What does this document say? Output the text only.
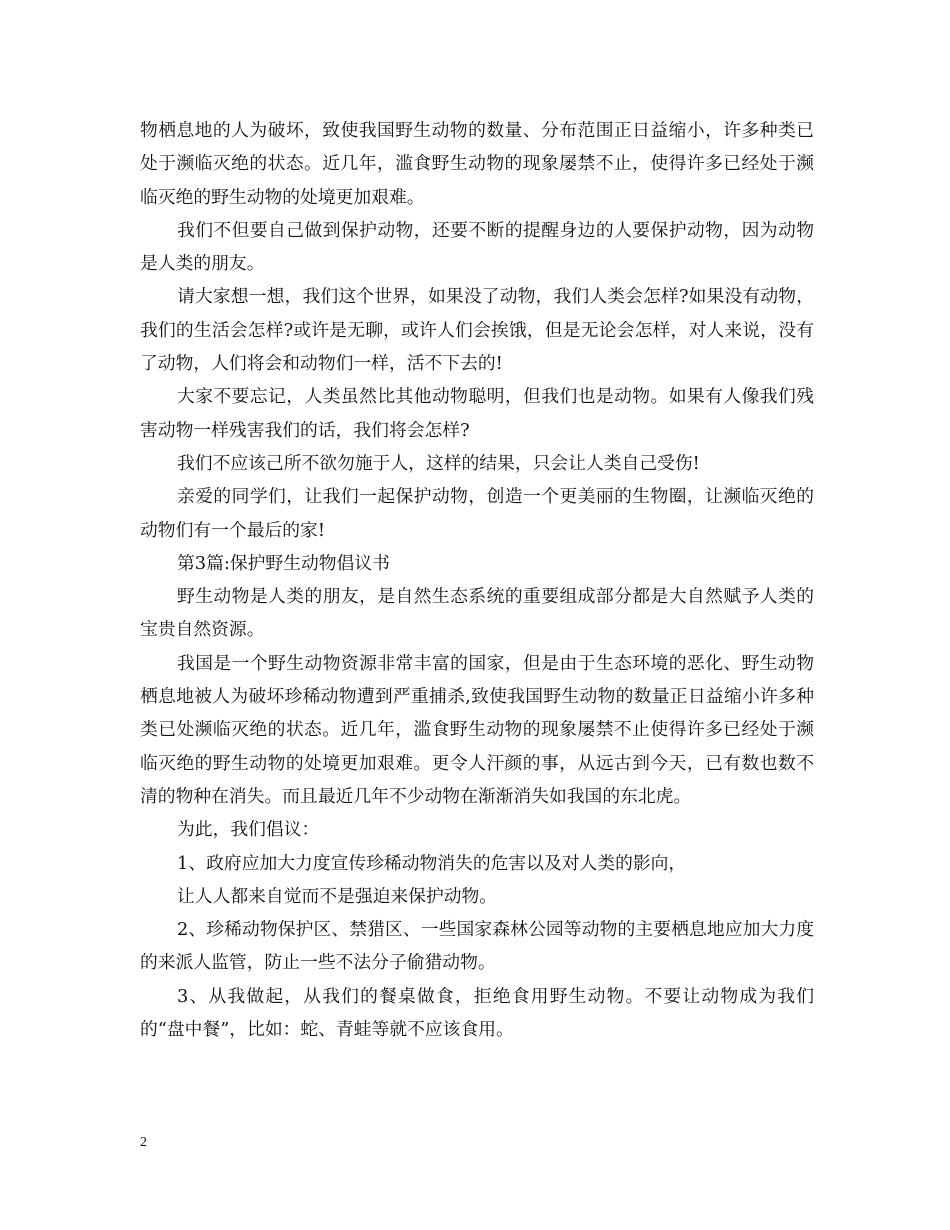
物栖息地的人为破坏，致使我国野生动物的数量、分布范围正日益缩小，许多种类已处于濒临灭绝的状态。近几年，滥食野生动物的现象屡禁不止，使得许多已经处于濒临灭绝的野生动物的处境更加艰难。

我们不但要自己做到保护动物，还要不断的提醒身边的人要保护动物，因为动物是人类的朋友。

请大家想一想，我们这个世界，如果没了动物，我们人类会怎样?如果没有动物，我们的生活会怎样?或许是无聊，或许人们会挨饿，但是无论会怎样，对人来说，没有了动物，人们将会和动物们一样，活不下去的!

大家不要忘记，人类虽然比其他动物聪明，但我们也是动物。如果有人像我们残害动物一样残害我们的话，我们将会怎样?

我们不应该己所不欲勿施于人，这样的结果，只会让人类自己受伤!

亲爱的同学们，让我们一起保护动物，创造一个更美丽的生物圈，让濒临灭绝的动物们有一个最后的家!

第3篇:保护野生动物倡议书

野生动物是人类的朋友，是自然生态系统的重要组成部分都是大自然赋予人类的宝贵自然资源。

我国是一个野生动物资源非常丰富的国家，但是由于生态环境的恶化、野生动物栖息地被人为破坏珍稀动物遭到严重捕杀,致使我国野生动物的数量正日益缩小许多种类已处濒临灭绝的状态。近几年，滥食野生动物的现象屡禁不止使得许多已经处于濒临灭绝的野生动物的处境更加艰难。更令人汗颜的事，从远古到今天，已有数也数不清的物种在消失。而且最近几年不少动物在渐渐消失如我国的东北虎。

为此，我们倡议：

1、政府应加大力度宣传珍稀动物消失的危害以及对人类的影向，

让人人都来自觉而不是强迫来保护动物。

2、珍稀动物保护区、禁猎区、一些国家森林公园等动物的主要栖息地应加大力度的来派人监管，防止一些不法分子偷猎动物。

3、从我做起，从我们的餐桌做食，拒绝食用野生动物。不要让动物成为我们的“盘中餐”，比如：蛇、青蛙等就不应该食用。

2
